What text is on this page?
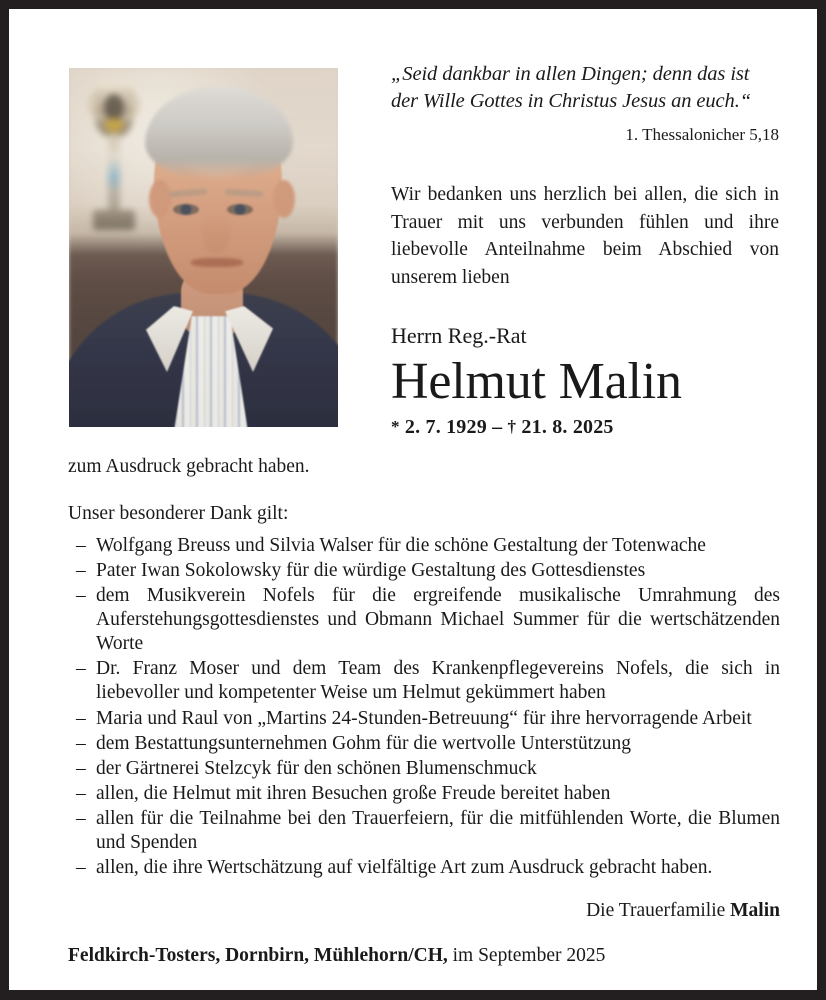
„Seid dankbar in allen Dingen; denn das ist der Wille Gottes in Christus Jesus an euch.“
1. Thessalonicher 5,18
Wir bedanken uns herzlich bei allen, die sich in Trauer mit uns verbunden fühlen und ihre liebevolle Anteilnahme beim Abschied von unserem lieben
Herrn Reg.-Rat
Helmut Malin
* 2. 7. 1929 – † 21. 8. 2025
zum Ausdruck gebracht haben.
Unser besonderer Dank gilt:
– Wolfgang Breuss und Silvia Walser für die schöne Gestaltung der Totenwache
– Pater Iwan Sokolowsky für die würdige Gestaltung des Gottesdienstes
– dem Musikverein Nofels für die ergreifende musikalische Umrahmung des Auferstehungsgottesdienstes und Obmann Michael Summer für die wertschätzenden Worte
– Dr. Franz Moser und dem Team des Krankenpflegevereins Nofels, die sich in liebevoller und kompetenter Weise um Helmut gekümmert haben
– Maria und Raul von „Martins 24-Stunden-Betreuung“ für ihre hervorragende Arbeit
– dem Bestattungsunternehmen Gohm für die wertvolle Unterstützung
– der Gärtnerei Stelzcyk für den schönen Blumenschmuck
– allen, die Helmut mit ihren Besuchen große Freude bereitet haben
– allen für die Teilnahme bei den Trauerfeiern, für die mitfühlenden Worte, die Blumen und Spenden
– allen, die ihre Wertschätzung auf vielfältige Art zum Ausdruck gebracht haben.
Die Trauerfamilie Malin
Feldkirch-Tosters, Dornbirn, Mühlehorn/CH, im September 2025
